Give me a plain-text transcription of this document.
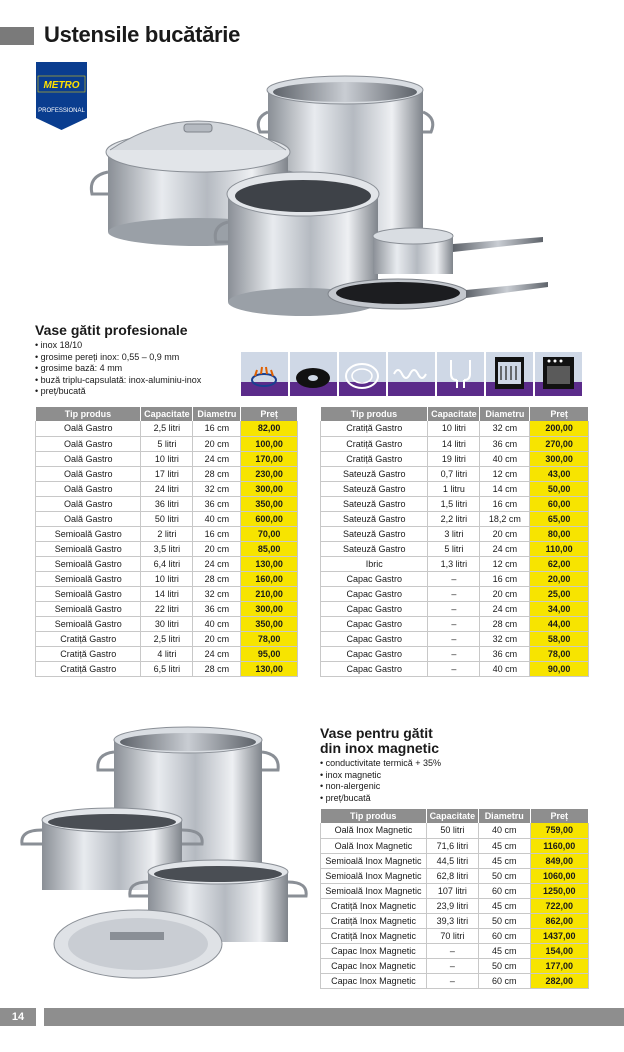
Ustensile bucătărie
METRO
PROFESSIONAL
Vase gătit profesionale
• inox 18/10
• grosime pereți inox: 0,55 – 0,9 mm
• grosime bază: 4 mm
• buză triplu-capsulată: inox-aluminiu-inox
• preț/bucată
Tip produs	Capacitate	Diametru	Preț
Oală Gastro	2,5 litri	16 cm	82,00
Oală Gastro	5 litri	20 cm	100,00
Oală Gastro	10 litri	24 cm	170,00
Oală Gastro	17 litri	28 cm	230,00
Oală Gastro	24 litri	32 cm	300,00
Oală Gastro	36 litri	36 cm	350,00
Oală Gastro	50 litri	40 cm	600,00
Semioală Gastro	2 litri	16 cm	70,00
Semioală Gastro	3,5 litri	20 cm	85,00
Semioală Gastro	6,4 litri	24 cm	130,00
Semioală Gastro	10 litri	28 cm	160,00
Semioală Gastro	14 litri	32 cm	210,00
Semioală Gastro	22 litri	36 cm	300,00
Semioală Gastro	30 litri	40 cm	350,00
Cratiță Gastro	2,5 litri	20 cm	78,00
Cratiță Gastro	4 litri	24 cm	95,00
Cratiță Gastro	6,5 litri	28 cm	130,00
Tip produs	Capacitate	Diametru	Preț
Cratiță Gastro	10 litri	32 cm	200,00
Cratiță Gastro	14 litri	36 cm	270,00
Cratiță Gastro	19 litri	40 cm	300,00
Sateuză Gastro	0,7 litri	12 cm	43,00
Sateuză Gastro	1 litru	14 cm	50,00
Sateuză Gastro	1,5 litri	16 cm	60,00
Sateuză Gastro	2,2 litri	18,2 cm	65,00
Sateuză Gastro	3 litri	20 cm	80,00
Sateuză Gastro	5 litri	24 cm	110,00
Ibric	1,3 litri	12 cm	62,00
Capac Gastro	–	16 cm	20,00
Capac Gastro	–	20 cm	25,00
Capac Gastro	–	24 cm	34,00
Capac Gastro	–	28 cm	44,00
Capac Gastro	–	32 cm	58,00
Capac Gastro	–	36 cm	78,00
Capac Gastro	–	40 cm	90,00
Vase pentru gătit
din inox magnetic
• conductivitate termică + 35%
• inox magnetic
• non-alergenic
• preț/bucată
Tip produs	Capacitate	Diametru	Preț
Oală Inox Magnetic	50 litri	40 cm	759,00
Oală Inox Magnetic	71,6 litri	45 cm	1160,00
Semioală Inox Magnetic	44,5 litri	45 cm	849,00
Semioală Inox Magnetic	62,8 litri	50 cm	1060,00
Semioală Inox Magnetic	107 litri	60 cm	1250,00
Cratiță Inox Magnetic	23,9 litri	45 cm	722,00
Cratiță Inox Magnetic	39,3 litri	50 cm	862,00
Cratiță Inox Magnetic	70 litri	60 cm	1437,00
Capac Inox Magnetic	–	45 cm	154,00
Capac Inox Magnetic	–	50 cm	177,00
Capac Inox Magnetic	–	60 cm	282,00
14
